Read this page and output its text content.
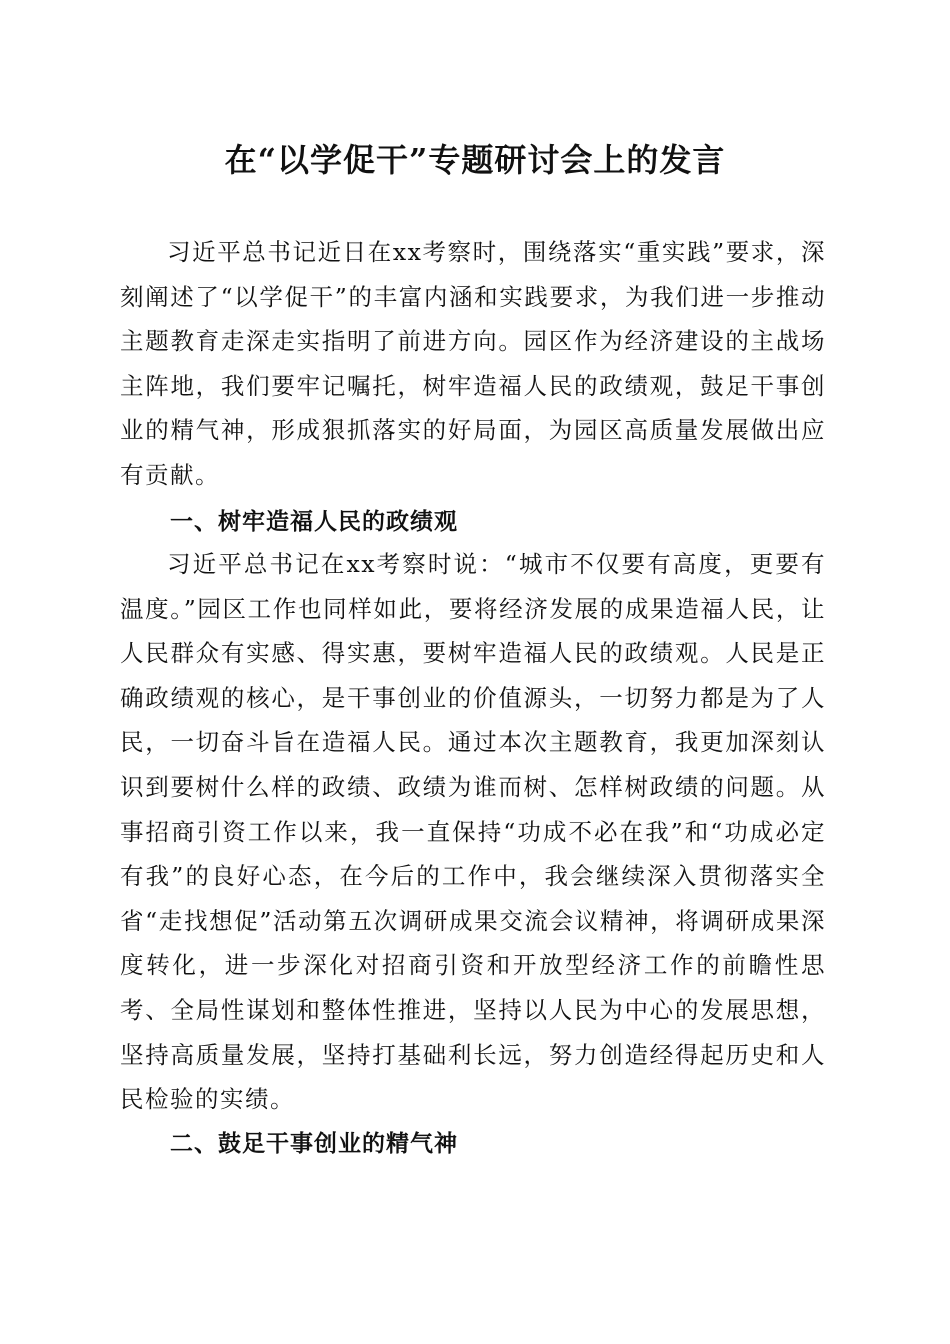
在“以学促干”专题研讨会上的发言

习近平总书记近日在xx考察时，围绕落实“重实践”要求，深刻阐述了“以学促干”的丰富内涵和实践要求，为我们进一步推动主题教育走深走实指明了前进方向。园区作为经济建设的主战场主阵地，我们要牢记嘱托，树牢造福人民的政绩观，鼓足干事创业的精气神，形成狠抓落实的好局面，为园区高质量发展做出应有贡献。

一、树牢造福人民的政绩观

习近平总书记在xx考察时说：“城市不仅要有高度，更要有温度。”园区工作也同样如此，要将经济发展的成果造福人民，让人民群众有实感、得实惠，要树牢造福人民的政绩观。人民是正确政绩观的核心，是干事创业的价值源头，一切努力都是为了人民，一切奋斗旨在造福人民。通过本次主题教育，我更加深刻认识到要树什么样的政绩、政绩为谁而树、怎样树政绩的问题。从事招商引资工作以来，我一直保持“功成不必在我”和“功成必定有我”的良好心态，在今后的工作中，我会继续深入贯彻落实全省“走找想促”活动第五次调研成果交流会议精神，将调研成果深度转化，进一步深化对招商引资和开放型经济工作的前瞻性思考、全局性谋划和整体性推进，坚持以人民为中心的发展思想，坚持高质量发展，坚持打基础利长远，努力创造经得起历史和人民检验的实绩。

二、鼓足干事创业的精气神
